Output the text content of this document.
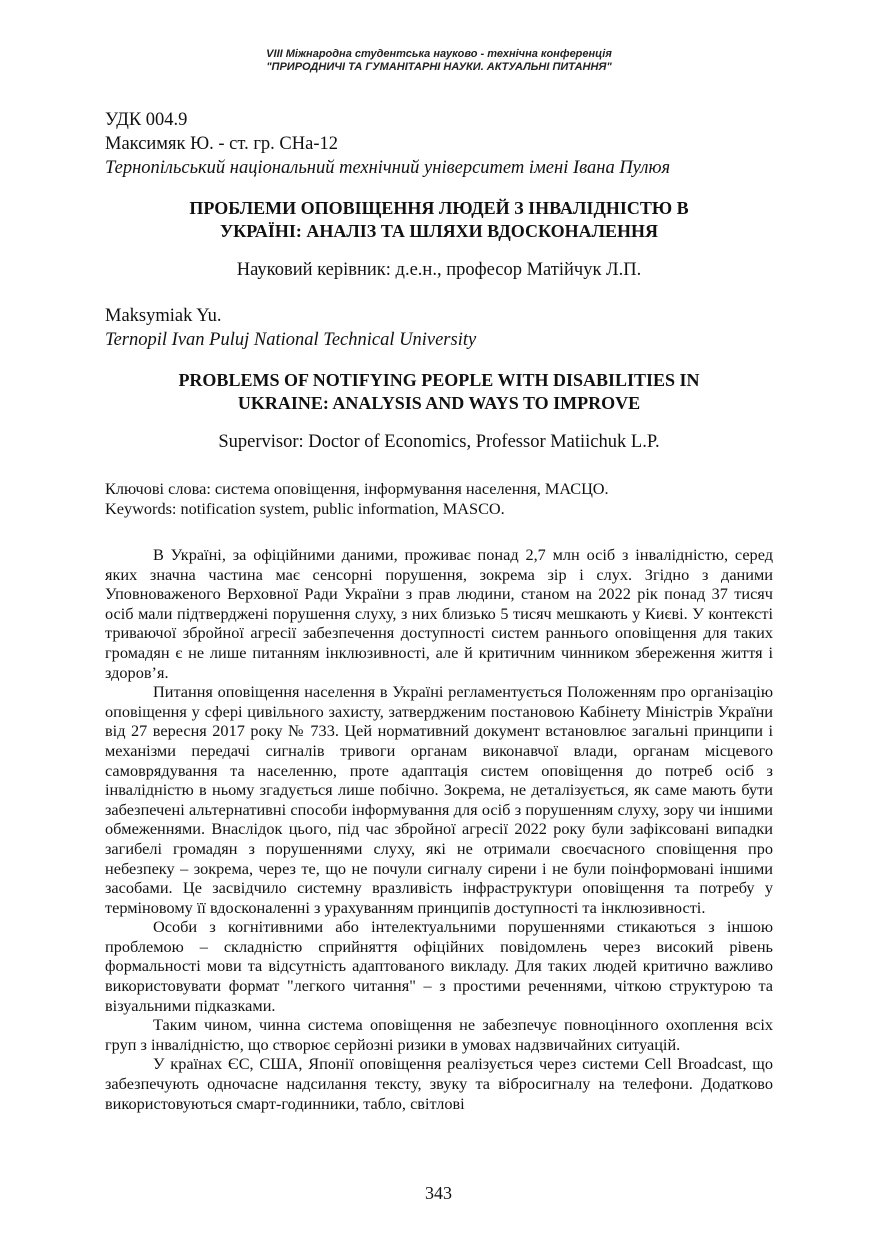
VIII Міжнародна студентська науково - технічна конференція
"ПРИРОДНИЧІ ТА ГУМАНІТАРНІ НАУКИ. АКТУАЛЬНІ ПИТАННЯ"
УДК 004.9
Максимяк Ю. - ст. гр. СНа-12
Тернопільський національний технічний університет імені Івана Пулюя
ПРОБЛЕМИ ОПОВІЩЕННЯ ЛЮДЕЙ З ІНВАЛІДНІСТЮ В
УКРАЇНІ: АНАЛІЗ ТА ШЛЯХИ ВДОСКОНАЛЕННЯ
Науковий керівник: д.е.н., професор Матійчук Л.П.
Maksymiak Yu.
Ternopil Ivan Puluj National Technical University
PROBLEMS OF NOTIFYING PEOPLE WITH DISABILITIES IN
UKRAINE: ANALYSIS AND WAYS TO IMPROVE
Supervisor: Doctor of Economics, Professor Matiichuk L.P.
Ключові слова: система оповіщення, інформування населення, МАСЦО.
Keywords: notification system, public information, MASCO.

В Україні, за офіційними даними, проживає понад 2,7 млн осіб з інвалідністю, серед яких значна частина має сенсорні порушення, зокрема зір і слух. Згідно з даними Уповноваженого Верховної Ради України з прав людини, станом на 2022 рік понад 37 тисяч осіб мали підтверджені порушення слуху, з них близько 5 тисяч мешкають у Києві. У контексті триваючої збройної агресії забезпечення доступності систем раннього оповіщення для таких громадян є не лише питанням інклюзивності, але й критичним чинником збереження життя і здоров’я.

Питання оповіщення населення в Україні регламентується Положенням про організацію оповіщення у сфері цивільного захисту, затвердженим постановою Кабінету Міністрів України від 27 вересня 2017 року № 733. Цей нормативний документ встановлює загальні принципи і механізми передачі сигналів тривоги органам виконавчої влади, органам місцевого самоврядування та населенню, проте адаптація систем оповіщення до потреб осіб з інвалідністю в ньому згадується лише побічно. Зокрема, не деталізується, як саме мають бути забезпечені альтернативні способи інформування для осіб з порушенням слуху, зору чи іншими обмеженнями. Внаслідок цього, під час збройної агресії 2022 року були зафіксовані випадки загибелі громадян з порушеннями слуху, які не отримали своєчасного сповіщення про небезпеку – зокрема, через те, що не почули сигналу сирени і не були поінформовані іншими засобами. Це засвідчило системну вразливість інфраструктури оповіщення та потребу у терміновому її вдосконаленні з урахуванням принципів доступності та інклюзивності.

Особи з когнітивними або інтелектуальними порушеннями стикаються з іншою проблемою – складністю сприйняття офіційних повідомлень через високий рівень формальності мови та відсутність адаптованого викладу. Для таких людей критично важливо використовувати формат "легкого читання" – з простими реченнями, чіткою структурою та візуальними підказками.

Таким чином, чинна система оповіщення не забезпечує повноцінного охоплення всіх груп з інвалідністю, що створює серйозні ризики в умовах надзвичайних ситуацій.

У країнах ЄС, США, Японії оповіщення реалізується через системи Cell Broadcast, що забезпечують одночасне надсилання тексту, звуку та вібросигналу на телефони. Додатково використовуються смарт-годинники, табло, світлові

343
